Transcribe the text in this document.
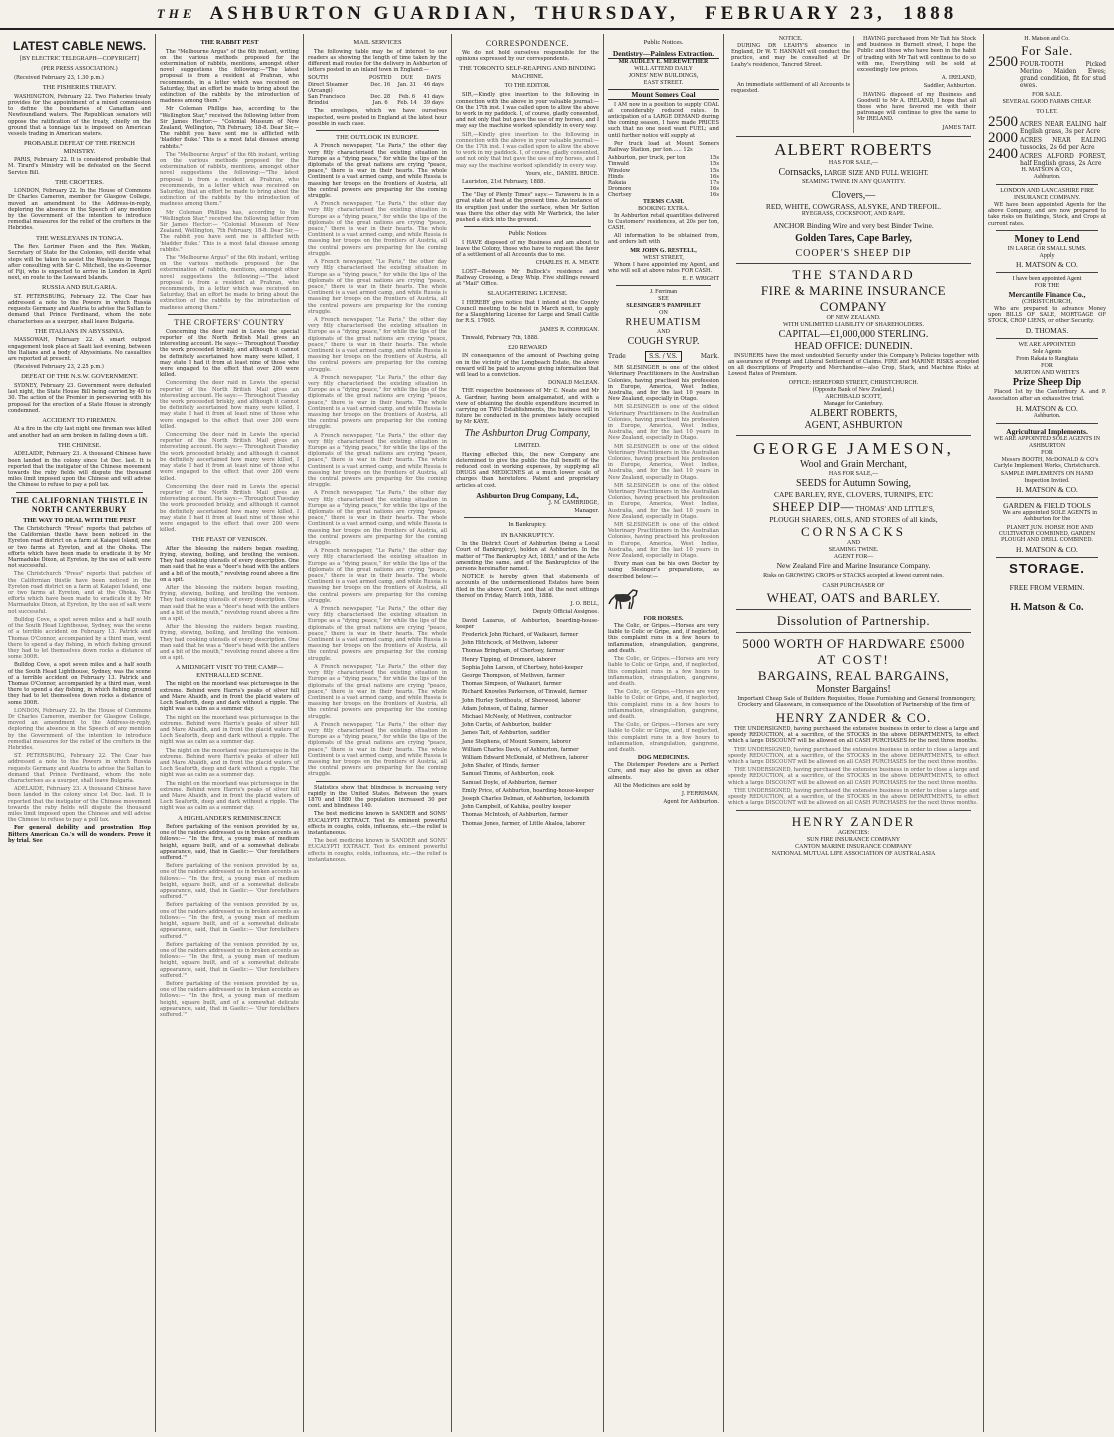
THE ASHBURTON GUARDIAN, THURSDAY,   FEBRUARY 23,  1888
LATEST CABLE NEWS.
[BY ELECTRIC TELEGRAPH—COPYRIGHT]
(PER PRESS ASSOCIATION.)
(Received February 23, 1.30 p.m.)
THE FISHERIES TREATY.
WASHINGTON, February 22. Two Fisheries treaty provides for the appointment of a mixed commission to define the boundaries of Canadian and Newfoundland waters. The Republican senators will oppose the ratification of the treaty, chiefly on the ground that a tonnage tax is imposed on American vessels trading in American waters.
PROBABLE DEFEAT OF THE FRENCH MINISTRY.
PARIS, February 22. It is considered probable that M. Tirard's Ministry will be defeated on the Secret Service Bill.
THE CROFTERS.
LONDON, February 22. In the House of Commons Dr Charles Cameron, member for Glasgow College, moved an amendment to the Address-in-reply, deploring the absence in the Speech of any mention by the Government of the intention to introduce remedial measures for the relief of the crofters in the Hebrides.
THE WESLEYANS IN TONGA.
The Rev. Lorimer Fison and the Rev. Watkin, Secretary of State for the Colonies, will decide what steps will be taken to assist the Wesleyans in Tonga, after consulting with Sir C. Mitchell, the ex-Governor of Fiji, who is expected to arrive in London in April next, en route to the Leeward Islands.
RUSSIA AND BULGARIA.
ST. PETERSBURG, February 22. The Czar has addressed a note to the Powers in which Russia requests Germany and Austria to advise the Sultan to demand that Prince Ferdinand, whom the note characterises as a usurper, shall leave Bulgaria.
THE ITALIANS IN ABYSSINIA.
MASSOWAH, February 22. A smart outpost engagement took place at Saati last evening, between the Italians and a body of Abyssinians. No casualties are reported at present.
(Received February 23, 2.25 p.m.)
DEFEAT OF THE N.S.W. GOVERNMENT.
SYDNEY, February 23. Government were defeated last night, the State House Bill being carried by 40 to 30. The action of the Premier in persevering with his proposal for the erection of a State House is strongly condemned.
ACCIDENT TO FIREMEN.
At a fire in the city last night one fireman was killed and another had an arm broken in falling down a lift.
THE CHINESE.
ADELAIDE, February 23. A thousand Chinese have been landed in the colony since 1st Dec. last. It is reported that the instigator of the Chinese movement towards the ruby fields will dispute the thousand miles limit imposed upon the Chinese and will advise the Chinese to refuse to pay a poll tax.
THE CALIFORNIAN THISTLE IN NORTH CANTERBURY
THE WAY TO DEAL WITH THE PEST
The Christchurch "Press" reports that patches of the Californian thistle have been noticed in the Eyreton road district on a farm at Kaiapoi Island, one or two farms at Eyreton, and at the Ohoka. The efforts which have been made to eradicate it by Mr Marmaduke Dixon, at Eyreton, by the use of salt were not successful.
The Christchurch "Press" reports that patches of the Californian thistle have been noticed in the Eyreton road district on a farm at Kaiapoi Island, one or two farms at Eyreton, and at the Ohoka. The efforts which have been made to eradicate it by Mr Marmaduke Dixon, at Eyreton, by the use of salt were not successful.
Bulldog Cove, a spot seven miles and a half south of the South Head Lighthouse, Sydney, was the scene of a terrible accident on February 13. Patrick and Thomas O'Connor, accompanied by a third man, went there to spend a day fishing, in which fishing ground they had to let themselves down rocks a distance of some 300ft.
Bulldog Cove, a spot seven miles and a half south of the South Head Lighthouse, Sydney, was the scene of a terrible accident on February 13. Patrick and Thomas O'Connor, accompanied by a third man, went there to spend a day fishing, in which fishing ground they had to let themselves down rocks a distance of some 300ft.
LONDON, February 22. In the House of Commons Dr Charles Cameron, member for Glasgow College, moved an amendment to the Address-in-reply, deploring the absence in the Speech of any mention by the Government of the intention to introduce remedial measures for the relief of the crofters in the Hebrides.
ST. PETERSBURG, February 22. The Czar has addressed a note to the Powers in which Russia requests Germany and Austria to advise the Sultan to demand that Prince Ferdinand, whom the note characterises as a usurper, shall leave Bulgaria.
ADELAIDE, February 23. A thousand Chinese have been landed in the colony since 1st Dec. last. It is reported that the instigator of the Chinese movement towards the ruby fields will dispute the thousand miles limit imposed upon the Chinese and will advise the Chinese to refuse to pay a poll tax.
For general debility and prostration Hop Bitters American Co.'s will do wonders. Prove it by trial. See
THE RABBIT PEST
The "Melbourne Argus" of the 6th instant, writing on the various methods proposed for the extermination of rabbits, mentions, amongst other novel suggestions the following:—"The latest proposal is from a resident at Prahran, who recommends, in a letter which was received on Saturday, that an effort be made to bring about the extinction of the rabbits by the introduction of madness among them."
Mr Coleman Phillips has, according to the "Wellington Star," received the following letter from Sir James Hector:— "Colonial Museum of New Zealand, Wellington, 7th February, 18-8. Dear Sir,—The rabbit you have sent me is afflicted with 'bladder fluke.' This is a most fatal disease among rabbits."
The "Melbourne Argus" of the 6th instant, writing on the various methods proposed for the extermination of rabbits, mentions, amongst other novel suggestions the following:—"The latest proposal is from a resident at Prahran, who recommends, in a letter which was received on Saturday, that an effort be made to bring about the extinction of the rabbits by the introduction of madness among them."
Mr Coleman Phillips has, according to the "Wellington Star," received the following letter from Sir James Hector:— "Colonial Museum of New Zealand, Wellington, 7th February, 18-8. Dear Sir,—The rabbit you have sent me is afflicted with 'bladder fluke.' This is a most fatal disease among rabbits."
The "Melbourne Argus" of the 6th instant, writing on the various methods proposed for the extermination of rabbits, mentions, amongst other novel suggestions the following:—"The latest proposal is from a resident at Prahran, who recommends, in a letter which was received on Saturday, that an effort be made to bring about the extinction of the rabbits by the introduction of madness among them."
THE CROFTERS' COUNTRY
Concerning the deer raid in Lewis the special reporter of the North British Mail gives an interesting account. He says:— Throughout Tuesday the work proceeded briskly, and although it cannot be definitely ascertained how many were killed, I may state I had it from at least nine of those who were engaged to the effect that over 200 were killed.
Concerning the deer raid in Lewis the special reporter of the North British Mail gives an interesting account. He says:— Throughout Tuesday the work proceeded briskly, and although it cannot be definitely ascertained how many were killed, I may state I had it from at least nine of those who were engaged to the effect that over 200 were killed.
Concerning the deer raid in Lewis the special reporter of the North British Mail gives an interesting account. He says:— Throughout Tuesday the work proceeded briskly, and although it cannot be definitely ascertained how many were killed, I may state I had it from at least nine of those who were engaged to the effect that over 200 were killed.
Concerning the deer raid in Lewis the special reporter of the North British Mail gives an interesting account. He says:— Throughout Tuesday the work proceeded briskly, and although it cannot be definitely ascertained how many were killed, I may state I had it from at least nine of those who were engaged to the effect that over 200 were killed.
THE FEAST OF VENISON.
After the blessing the raiders began roasting, frying, stewing, boiling, and broiling the venison. They had cooking utensils of every description. One man said that he was a "deer's head with the antlers and a bit of the mouth," revolving round above a fire on a spit.
After the blessing the raiders began roasting, frying, stewing, boiling, and broiling the venison. They had cooking utensils of every description. One man said that he was a "deer's head with the antlers and a bit of the mouth," revolving round above a fire on a spit.
After the blessing the raiders began roasting, frying, stewing, boiling, and broiling the venison. They had cooking utensils of every description. One man said that he was a "deer's head with the antlers and a bit of the mouth," revolving round above a fire on a spit.
A MIDNIGHT VISIT TO THE CAMP—ENTHRALLED SCENE.
The night on the moorland was picturesque in the extreme. Behind were Harris's peaks of silver hill and Mare Ahaidh, and in front the placid waters of Loch Seaforth, deep and dark without a ripple. The night was as calm as a summer day.
The night on the moorland was picturesque in the extreme. Behind were Harris's peaks of silver hill and Mare Ahaidh, and in front the placid waters of Loch Seaforth, deep and dark without a ripple. The night was as calm as a summer day.
The night on the moorland was picturesque in the extreme. Behind were Harris's peaks of silver hill and Mare Ahaidh, and in front the placid waters of Loch Seaforth, deep and dark without a ripple. The night was as calm as a summer day.
The night on the moorland was picturesque in the extreme. Behind were Harris's peaks of silver hill and Mare Ahaidh, and in front the placid waters of Loch Seaforth, deep and dark without a ripple. The night was as calm as a summer day.
A HIGHLANDER'S REMINISCENCE
Before partaking of the venison provided by us, one of the raiders addressed us in broken accents as follows:— "In the first, a young man of medium height, square built, and of a somewhat delicate appearance, said, that in Gaelic:— 'Our forefathers suffered.'"
Before partaking of the venison provided by us, one of the raiders addressed us in broken accents as follows:— "In the first, a young man of medium height, square built, and of a somewhat delicate appearance, said, that in Gaelic:— 'Our forefathers suffered.'"
Before partaking of the venison provided by us, one of the raiders addressed us in broken accents as follows:— "In the first, a young man of medium height, square built, and of a somewhat delicate appearance, said, that in Gaelic:— 'Our forefathers suffered.'"
Before partaking of the venison provided by us, one of the raiders addressed us in broken accents as follows:— "In the first, a young man of medium height, square built, and of a somewhat delicate appearance, said, that in Gaelic:— 'Our forefathers suffered.'"
Before partaking of the venison provided by us, one of the raiders addressed us in broken accents as follows:— "In the first, a young man of medium height, square built, and of a somewhat delicate appearance, said, that in Gaelic:— 'Our forefathers suffered.'"
MAIL SERVICES
The following table may be of interest to our readers as showing the length of time taken by the different mail routes for the delivery in Ashburton of letters posted in an inland town in England:—
SOUTH	POSTED	DUE	DAYS
Direct Steamer (Arcangi)
Dec. 16	Jan. 31	46 days
San Francisco	Dec. 28	Feb. 6	41 days
Brindisi	Jan. 6	Feb. 14	39 days
The envelopes, which we have ourselves inspected, were posted in England at the latest hour possible in each case.
THE OUTLOOK IN EUROPE.
A French newspaper, "Le Paris," the other day very fitly characterised the existing situation in Europe as a "dying peace," for while the lips of the diplomats of the great nations are crying "peace, peace," there is war in their hearts. The whole Continent is a vast armed camp, and while Russia is massing her troops on the frontiers of Austria, all the central powers are preparing for the coming struggle.
A French newspaper, "Le Paris," the other day very fitly characterised the existing situation in Europe as a "dying peace," for while the lips of the diplomats of the great nations are crying "peace, peace," there is war in their hearts. The whole Continent is a vast armed camp, and while Russia is massing her troops on the frontiers of Austria, all the central powers are preparing for the coming struggle.
A French newspaper, "Le Paris," the other day very fitly characterised the existing situation in Europe as a "dying peace," for while the lips of the diplomats of the great nations are crying "peace, peace," there is war in their hearts. The whole Continent is a vast armed camp, and while Russia is massing her troops on the frontiers of Austria, all the central powers are preparing for the coming struggle.
A French newspaper, "Le Paris," the other day very fitly characterised the existing situation in Europe as a "dying peace," for while the lips of the diplomats of the great nations are crying "peace, peace," there is war in their hearts. The whole Continent is a vast armed camp, and while Russia is massing her troops on the frontiers of Austria, all the central powers are preparing for the coming struggle.
A French newspaper, "Le Paris," the other day very fitly characterised the existing situation in Europe as a "dying peace," for while the lips of the diplomats of the great nations are crying "peace, peace," there is war in their hearts. The whole Continent is a vast armed camp, and while Russia is massing her troops on the frontiers of Austria, all the central powers are preparing for the coming struggle.
A French newspaper, "Le Paris," the other day very fitly characterised the existing situation in Europe as a "dying peace," for while the lips of the diplomats of the great nations are crying "peace, peace," there is war in their hearts. The whole Continent is a vast armed camp, and while Russia is massing her troops on the frontiers of Austria, all the central powers are preparing for the coming struggle.
A French newspaper, "Le Paris," the other day very fitly characterised the existing situation in Europe as a "dying peace," for while the lips of the diplomats of the great nations are crying "peace, peace," there is war in their hearts. The whole Continent is a vast armed camp, and while Russia is massing her troops on the frontiers of Austria, all the central powers are preparing for the coming struggle.
A French newspaper, "Le Paris," the other day very fitly characterised the existing situation in Europe as a "dying peace," for while the lips of the diplomats of the great nations are crying "peace, peace," there is war in their hearts. The whole Continent is a vast armed camp, and while Russia is massing her troops on the frontiers of Austria, all the central powers are preparing for the coming struggle.
A French newspaper, "Le Paris," the other day very fitly characterised the existing situation in Europe as a "dying peace," for while the lips of the diplomats of the great nations are crying "peace, peace," there is war in their hearts. The whole Continent is a vast armed camp, and while Russia is massing her troops on the frontiers of Austria, all the central powers are preparing for the coming struggle.
A French newspaper, "Le Paris," the other day very fitly characterised the existing situation in Europe as a "dying peace," for while the lips of the diplomats of the great nations are crying "peace, peace," there is war in their hearts. The whole Continent is a vast armed camp, and while Russia is massing her troops on the frontiers of Austria, all the central powers are preparing for the coming struggle.
A French newspaper, "Le Paris," the other day very fitly characterised the existing situation in Europe as a "dying peace," for while the lips of the diplomats of the great nations are crying "peace, peace," there is war in their hearts. The whole Continent is a vast armed camp, and while Russia is massing her troops on the frontiers of Austria, all the central powers are preparing for the coming struggle.
Statistics show that blindness is increasing very rapidly in the United States. Between the years 1870 and 1880 the population increased 30 per cent. and blindness 140.
The best medicine known is SANDER and SONS' EUCALYPTI EXTRACT. Test its eminent powerful effects in coughs, colds, influenza, etc.—the relief is instantaneous.
The best medicine known is SANDER and SONS' EUCALYPTI EXTRACT. Test its eminent powerful effects in coughs, colds, influenza, etc.—the relief is instantaneous.
CORRESPONDENCE.
We do not hold ourselves responsible for the opinions expressed by our correspondents.
THE TORONTO SELF-REAPING AND BINDING MACHINE.
TO THE EDITOR.
SIR,—Kindly give insertion to the following in connection with the above in your valuable journal:— On the 17th inst. I was called upon to allow the above to work in my paddock. I, of course, gladly consented, and not only that but gave the use of my horses, and I may say the machine worked splendidly in every way.
SIR,—Kindly give insertion to the following in connection with the above in your valuable journal:— On the 17th inst. I was called upon to allow the above to work in my paddock. I, of course, gladly consented, and not only that but gave the use of my horses, and I may say the machine worked splendidly in every way.
Yours, etc., DANIEL BRICE.
Lauriston, 21st February, 1888.
The "Day of Plenty Times" says:— Taraweru is in a great state of heat at the present time. An instance of its eruption just under the surface, when Mr Sutton was there the other day with Mr Warbrick, the later pushed a stick into the ground.
Public Notices
I HAVE disposed of my Business and am about to leave the Colony, those who have to request the favor of a settlement of all Accounts due to me.
CHARLES H. A. MEATE
LOST—Between Mr Bullock's residence and Railway Crossing, a Dray Whip. Five shillings reward at "Mail" Office.
SLAUGHTERING LICENSE.
I HEREBY give notice that I intend at the County Council meeting to be held in March next, to apply for a Slaughtering License for Large and Small Cattle for R.S. 17605.
JAMES R. CORRIGAN.
Tinwald, February 7th, 1888.
£20 REWARD
IN consequence of the amount of Poaching going on in the vicinity of the Longbeach Estate, the above reward will be paid to anyone giving information that will lead to a conviction.
DONALD McLEAN.
THE respective businesses of Mr C. Neate and Mr A. Gardner, having been amalgamated, and with a view of obtaining the double expenditure incurred in carrying on TWO Establishments, the business will in future be conducted in the premises lately occupied by Mr KAYE.
The Ashburton Drug Company,
LIMITED.
Having effected this, the new Company are determined to give the public the full benefit of the reduced cost in working expenses, by supplying all DRUGS and MEDICINES at a much lower scale of charges than heretofore. Patent and proprietary articles at cost.
Ashburton Drug Company, Ld.,
J. M. CAMBRIDGE,
Manager.
In Bankruptcy.
IN BANKRUPTCY.
In the District Court of Ashburton (being a Local Court of Bankruptcy), holden at Ashburton. In the matter of "The Bankruptcy Act, 1883," and of the Acts amending the same, and of the Bankruptcies of the persons hereinafter named.
NOTICE is hereby given that statements of accounts of the undermentioned Estates have been filed in the above Court, and that at the next sittings thereof on Friday, March 16th, 1888.
J. O. BELL,
Deputy Official Assignee.
David Lazarus, of Ashburton, boarding-house-keeper
Frederick John Richard, of Waikauri, farmer
John Hitchcock, of Methven, laborer
Thomas Bringham, of Chertsey, farmer
Henry Tipping, of Dromore, laborer
Sophia John Larson, of Chertsey, hotel-keeper
George Thompson, of Methven, farmer
Thomas Simpson, of Waikauri, farmer
Richard Knowles Parkerson, of Tinwald, farmer
John Hurley Swithouts, of Sherwood, laborer
Adam Johnson, of Ealing, farmer
Michael McNeely, of Methven, contractor
John Curtis, of Ashburton, builder
James Tait, of Ashburton, saddler
Jane Stephens, of Mount Somers, laborer
William Charles Davis, of Ashburton, farmer
William Edward McDonald, of Methven, laborer
John Shafer, of Hinds, farmer
Samuel Timms, of Ashburton, cook
Samuel Doyle, of Ashburton, farmer
Emily Price, of Ashburton, boarding-house-keeper
Joseph Charles Delman, of Ashburton, locksmith
John Campbell, of Kahika, poultry keeper
Thomas McIntosh, of Ashburton, farmer
Thomas Jones, farmer, of Little Akaloa, laborer
Public Notices.
Dentistry—Painless Extraction.
MR AUDLEY E. MEREWETHER
WILL ATTEND DAILY
JONES' NEW BUILDINGS,
EAST STREET.
Mount Somers Coal
I AM now in a position to supply COAL at considerably reduced rates. In anticipation of a LARGE DEMAND during the coming season, I have made PRICES such that no one need want FUEL; and until further notice will supply at
Per truck load at Mount Somers Railway Station, per ton...... 12s
Ashburton, per truck, per ton	15s
Tinwald	15s
Winslow	15s
Hinds	16s
Rakaia	17s
Dromore	16s
Chertsey	16s
TERMS CASH.
BOOKING EXTRA.
In Ashburton retail quantities delivered to Customers' residences, at 20s per ton, CASH.
All information to be obtained from, and orders left with
MR JOHN G. RESTELL,
WEST STREET,
Whom I have appointed my Agent, and who will sell at above rates FOR CASH.
E. F. WRIGHT
J. Ferriman
SEE
SLESINGER'S PAMPHLET
ON
RHEUMATISM
AND
COUGH SYRUP.
Trade	S.S. / V.S.	Mark.
MR SLESINGER is one of the oldest Veterinary Practitioners in the Australian Colonies, having practised his profession in Europe, America, West Indies, Australia, and for the last 10 years in New Zealand, especially in Otago.
MR SLESINGER is one of the oldest Veterinary Practitioners in the Australian Colonies, having practised his profession in Europe, America, West Indies, Australia, and for the last 10 years in New Zealand, especially in Otago.
MR SLESINGER is one of the oldest Veterinary Practitioners in the Australian Colonies, having practised his profession in Europe, America, West Indies, Australia, and for the last 10 years in New Zealand, especially in Otago.
MR SLESINGER is one of the oldest Veterinary Practitioners in the Australian Colonies, having practised his profession in Europe, America, West Indies, Australia, and for the last 10 years in New Zealand, especially in Otago.
MR SLESINGER is one of the oldest Veterinary Practitioners in the Australian Colonies, having practised his profession in Europe, America, West Indies, Australia, and for the last 10 years in New Zealand, especially in Otago.
Every man can be his own Doctor by using Slesinger's preparations, as described below:—
FOR HORSES.
The Colic, or Gripes.—Horses are very liable to Colic or Gripe, and, if neglected, this complaint runs in a few hours to inflammation, strangulation, gangrene, and death.
The Colic, or Gripes.—Horses are very liable to Colic or Gripe, and, if neglected, this complaint runs in a few hours to inflammation, strangulation, gangrene, and death.
The Colic, or Gripes.—Horses are very liable to Colic or Gripe, and, if neglected, this complaint runs in a few hours to inflammation, strangulation, gangrene, and death.
The Colic, or Gripes.—Horses are very liable to Colic or Gripe, and, if neglected, this complaint runs in a few hours to inflammation, strangulation, gangrene, and death.
DOG MEDICINES.
The Distemper Powders are a Perfect Cure, and may also be given as other ailments.
All the Medicines are sold by
J. FERRIMAN,
Agent for Ashburton.
NOTICE.
DURING DR LEAHY'S absence in England, Dr W. T. HANNAH will conduct the practice, and may be consulted at Dr Leahy's residence, Tancred Street.
An immediate settlement of all Accounts is requested.
HAVING purchased from Mr Tait his Stock and business in Burnett street, I hope the Public and those who have been in the habit of trading with Mr Tait will continue to do so with me, Everything will be sold at exceedingly low prices.
A. IRELAND,
Saddler, Ashburton.
HAVING disposed of my Business and Goodwill to Mr A. IRELAND, I hope that all those who have favored me with their patronage will continue to give the same to Mr IRELAND.
JAMES TAIT.
ALBERT ROBERTS
HAS FOR SALE,—
Cornsacks, LARGE SIZE AND FULL WEIGHT.
SEAMING TWINE IN ANY QUANTITY.
Clovers,—
RED, WHITE, COWGRASS, ALSYKE, AND TREFOIL.
RYEGRASS, COCKSFOOT, AND RAPE.
ANCHOR Binding Wire and very best Binder Twine.
Golden Tares, Cape Barley,
COOPER'S SHEEP DIP
THE STANDARD
FIRE & MARINE INSURANCE COMPANY
OF NEW ZEALAND.
WITH UNLIMITED LIABILITY OF SHAREHOLDERS.
CAPITAL—£1,000,000 STERLING.
HEAD OFFICE: DUNEDIN.
INSURERS have the most undoubted Security under this Company's Policies together with an assurance of Prompt and Liberal Settlement of Claims. FIRE and MARINE RISKS accepted on all descriptions of Property and Merchandise—also Crop, Stack, and Machine Risks at Lowest Rates of Premium.
OFFICE: HEREFORD STREET, CHRISTCHURCH.
(Opposite Bank of New Zealand.)
ARCHIBALD SCOTT,
Manager for Canterbury.
ALBERT ROBERTS,
AGENT, ASHBURTON
GEORGE JAMESON,
Wool and Grain Merchant,
HAS FOR SALE,—
SEEDS for Autumn Sowing,
CAPE BARLEY, RYE, CLOVERS, TURNIPS, ETC
SHEEP DIP— THOMAS' AND LITTLE'S,
PLOUGH SHARES, OILS, AND STORES of all kinds,
CORNSACKS
AND
SEAMING TWINE.
AGENT FOR—
New Zealand Fire and Marine Insurance Company.
Risks on GROWING CROPS or STACKS accepted at lowest current rates.
CASH PURCHASER OF
WHEAT, OATS and BARLEY.
Dissolution of Partnership.
5000 WORTH OF HARDWARE £5000
AT COST!
BARGAINS, REAL BARGAINS,
Monster Bargains!
Important Cheap Sale of Builders Requisites, House Furnishing and General Ironmongery, Crockery and Glassware, in consequence of the Dissolution of Partnership of the firm of
HENRY ZANDER & CO.
THE UNDERSIGNED, having purchased the extensive business in order to close a large and speedy REDUCTION, at a sacrifice, of the STOCKS in the above DEPARTMENTS, to effect which a large DISCOUNT will be allowed on all CASH PURCHASES for the next three months.
THE UNDERSIGNED, having purchased the extensive business in order to close a large and speedy REDUCTION, at a sacrifice, of the STOCKS in the above DEPARTMENTS, to effect which a large DISCOUNT will be allowed on all CASH PURCHASES for the next three months.
THE UNDERSIGNED, having purchased the extensive business in order to close a large and speedy REDUCTION, at a sacrifice, of the STOCKS in the above DEPARTMENTS, to effect which a large DISCOUNT will be allowed on all CASH PURCHASES for the next three months.
THE UNDERSIGNED, having purchased the extensive business in order to close a large and speedy REDUCTION, at a sacrifice, of the STOCKS in the above DEPARTMENTS, to effect which a large DISCOUNT will be allowed on all CASH PURCHASES for the next three months.
HENRY ZANDER
AGENCIES:
SUN FIRE INSURANCE COMPANY
CANTON MARINE INSURANCE COMPANY
NATIONAL MUTUAL LIFE ASSOCIATION OF AUSTRALASIA
H. Matson and Co.
For Sale.
2500 FOUR-TOOTH Picked Merino Maiden Ewes; grand condition, fit for stud ewes.
FOR SALE.
SEVERAL GOOD FARMS CHEAP.
TO LET.
2500 ACRES NEAR EALING half English grass, 3s per Acre
2000 ACRES NEAR EALING tussocks, 2s 6d per Acre
2400 ACRES ALFORD FOREST, half English grass, 2s Acre
H. MATSON & CO.,
Ashburton.
LONDON AND LANCASHIRE FIRE INSURANCE COMPANY.
WE have been appointed Agents for the above Company, and are now prepared to take risks on Buildings, Stock, and Crops at current rates.
Money to Lend
IN LARGE OR SMALL SUMS.
Apply
H. MATSON & CO.
I have been appointed Agent
FOR THE
Mercantile Finance Co.,
(CHRISTCHURCH,
Who are prepared to advance Money upon BILLS OF SALE, MORTGAGE OF STOCK, CROP LIENS, or other Security.
D. THOMAS.
WE ARE APPOINTED
Sole Agents
From Rakaia to Rangitata
FOR
MURTON AND WHITE'S
Prize Sheep Dip
Placed 1st by the Canterbury A. and P. Association after an exhaustive trial.
H. MATSON & CO.
Ashburton.
Agricultural Implements.
WE ARE APPOINTED SOLE AGENTS IN ASHBURTON
FOR
Messrs BOOTH, McDONALD & CO's Carlyle Implement Works, Christchurch.
SAMPLE IMPLEMENTS ON HAND
Inspection Invited.
H. MATSON & CO.
GARDEN & FIELD TOOLS
We are appointed SOLE AGENTS in Ashburton for the
PLANET JUN. HORSE HOE AND CULTIVATOR COMBINED, GARDEN PLOUGH AND DRILL COMBINED.
H. MATSON & CO.
STORAGE.
FREE FROM VERMIN.
H. Matson & Co.
